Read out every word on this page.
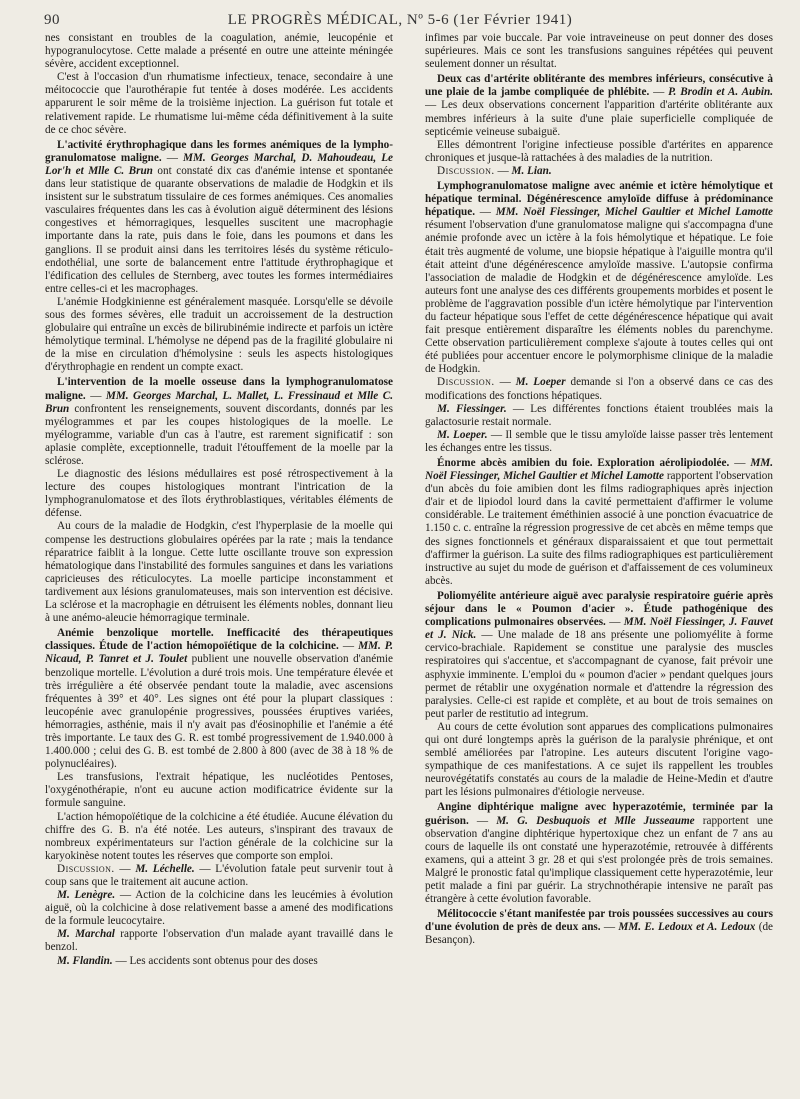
90	LE PROGRÈS MÉDICAL, Nº 5-6 (1er Février 1941)

nes consistant en troubles de la coagulation, anémie, leucopénie et hypogranulocytose. Cette malade a présenté en outre une atteinte méningée sévère, accident exceptionnel.

C'est à l'occasion d'un rhumatisme infectieux, tenace, secondaire à une méitococcie que l'aurothérapie fut tentée à doses modérée. Les accidents apparurent le soir même de la troisième injection. La guérison fut totale et relativement rapide. Le rhumatisme lui-même céda définitivement à la suite de ce choc sévère.

L'activité érythrophagique dans les formes anémiques de la lympho-granulomatose maligne. — MM. Georges Marchal, D. Mahoudeau, Le Lor'h et Mlle C. Brun ont constaté dix cas d'anémie intense et spontanée dans leur statistique de quarante observations de maladie de Hodgkin et ils insistent sur le substratum tissulaire de ces formes anémiques. Ces anomalies vasculaires fréquentes dans les cas à évolution aiguë déterminent des lésions congestives et hémorragiques, lesquelles suscitent une macrophagie importante dans la rate, puis dans le foie, dans les poumons et dans les ganglions. Il se produit ainsi dans les territoires lésés du système réticulo-endothélial, une sorte de balancement entre l'attitude érythrophagique et l'édification des cellules de Sternberg, avec toutes les formes intermédiaires entre celles-ci et les macrophages.

L'anémie Hodgkinienne est généralement masquée. Lorsqu'elle se dévoile sous des formes sévères, elle traduit un accroissement de la destruction globulaire qui entraîne un excès de bilirubinémie indirecte et parfois un ictère hémolytique terminal. L'hémolyse ne dépend pas de la fragilité globulaire ni de la mise en circulation d'hémolysine : seuls les aspects histologiques d'érythrophagie en rendent un compte exact.

L'intervention de la moelle osseuse dans la lymphogranulomatose maligne. — MM. Georges Marchal, L. Mallet, L. Fressinaud et Mlle C. Brun confrontent les renseignements, souvent discordants, donnés par les myélogrammes et par les coupes histologiques de la moelle. Le myélogramme, variable d'un cas à l'autre, est rarement significatif : son aplasie complète, exceptionnelle, traduit l'étouffement de la moelle par la sclérose.

Le diagnostic des lésions médullaires est posé rétrospectivement à la lecture des coupes histologiques montrant l'intrication de la lymphogranulomatose et des îlots érythroblastiques, véritables éléments de défense.

Au cours de la maladie de Hodgkin, c'est l'hyperplasie de la moelle qui compense les destructions globulaires opérées par la rate ; mais la tendance réparatrice faiblit à la longue. Cette lutte oscillante trouve son expression hématologique dans l'instabilité des formules sanguines et dans les variations capricieuses des réticulocytes. La moelle participe inconstamment et tardivement aux lésions granulomateuses, mais son intervention est décisive. La sclérose et la macrophagie en détruisent les éléments nobles, donnant lieu à une anémo-aleucie hémorragique terminale.

Anémie benzolique mortelle. Inefficacité des thérapeutiques classiques. Étude de l'action hémopoïétique de la colchicine. — MM. P. Nicaud, P. Tanret et J. Toulet publient une nouvelle observation d'anémie benzolique mortelle. L'évolution a duré trois mois. Une température élevée et très irrégulière a été observée pendant toute la maladie, avec ascensions fréquentes à 39° et 40°. Les signes ont été pour la plupart classiques : leucopénie avec granulopénie progressives, poussées éruptives variées, hémorragies, asthénie, mais il n'y avait pas d'éosinophilie et l'anémie a été très importante. Le taux des G. R. est tombé progressivement de 1.940.000 à 1.400.000 ; celui des G. B. est tombé de 2.800 à 800 (avec de 38 à 18 % de polynucléaires).

Les transfusions, l'extrait hépatique, les nucléotides Pentoses, l'oxygénothérapie, n'ont eu aucune action modificatrice évidente sur la formule sanguine.

L'action hémopoïétique de la colchicine a été étudiée. Aucune élévation du chiffre des G. B. n'a été notée. Les auteurs, s'inspirant des travaux de nombreux expérimentateurs sur l'action générale de la colchicine sur la karyokinèse notent toutes les réserves que comporte son emploi.

Discussion. — M. Léchelle. — L'évolution fatale peut survenir tout à coup sans que le traitement ait aucune action.

M. Lenègre. — Action de la colchicine dans les leucémies à évolution aiguë, où la colchicine à dose relativement basse a amené des modifications de la formule leucocytaire.

M. Marchal rapporte l'observation d'un malade ayant travaillé dans le benzol.

M. Flandin. — Les accidents sont obtenus pour des doses

infimes par voie buccale. Par voie intraveineuse on peut donner des doses supérieures. Mais ce sont les transfusions sanguines répétées qui peuvent seulement donner un résultat.

Deux cas d'artérite oblitérante des membres inférieurs, consécutive à une plaie de la jambe compliquée de phlébite. — P. Brodin et A. Aubin. — Les deux observations concernent l'apparition d'artérite oblitérante aux membres inférieurs à la suite d'une plaie superficielle compliquée de septicémie veineuse subaiguë.

Elles démontrent l'origine infectieuse possible d'artérites en apparence chroniques et jusque-là rattachées à des maladies de la nutrition.

Discussion. — M. Lian.

Lymphogranulomatose maligne avec anémie et ictère hémolytique et hépatique terminal. Dégénérescence amyloïde diffuse à prédominance hépatique. — MM. Noël Fiessinger, Michel Gaultier et Michel Lamotte résument l'observation d'une granulomatose maligne qui s'accompagna d'une anémie profonde avec un ictère à la fois hémolytique et hépatique. Le foie était très augmenté de volume, une biopsie hépatique à l'aiguille montra qu'il était atteint d'une dégénérescence amyloïde massive. L'autopsie confirma l'association de maladie de Hodgkin et de dégénérescence amyloïde. Les auteurs font une analyse des ces différents groupements morbides et posent le problème de l'aggravation possible d'un ictère hémolytique par l'intervention du facteur hépatique sous l'effet de cette dégénérescence hépatique qui avait fait presque entièrement disparaître les éléments nobles du parenchyme. Cette observation particulièrement complexe s'ajoute à toutes celles qui ont été publiées pour accentuer encore le polymorphisme clinique de la maladie de Hodgkin.

Discussion. — M. Loeper demande si l'on a observé dans ce cas des modifications des fonctions hépatiques.

M. Fiessinger. — Les différentes fonctions étaient troublées mais la galactosurie restait normale.

M. Loeper. — Il semble que le tissu amyloïde laisse passer très lentement les échanges entre les tissus.

Énorme abcès amibien du foie. Exploration aérolipiodolée. — MM. Noël Fiessinger, Michel Gaultier et Michel Lamotte rapportent l'observation d'un abcès du foie amibien dont les films radiographiques après injection d'air et de lipiodol lourd dans la cavité permettaient d'affirmer le volume considérable. Le traitement éméthinien associé à une ponction évacuatrice de 1.150 c. c. entraîne la régression progressive de cet abcès en même temps que des signes fonctionnels et généraux disparaissaient et que tout permettait d'affirmer la guérison. La suite des films radiographiques est particulièrement instructive au sujet du mode de guérison et d'affaissement de ces volumineux abcès.

Poliomyélite antérieure aiguë avec paralysie respiratoire guérie après séjour dans le « Poumon d'acier ». Étude pathogénique des complications pulmonaires observées. — MM. Noël Fiessinger, J. Fauvet et J. Nick. — Une malade de 18 ans présente une poliomyélite à forme cervico-brachiale. Rapidement se constitue une paralysie des muscles respiratoires qui s'accentue, et s'accompagnant de cyanose, fait prévoir une asphyxie imminente. L'emploi du « poumon d'acier » pendant quelques jours permet de rétablir une oxygénation normale et d'attendre la régression des paralysies. Celle-ci est rapide et complète, et au bout de trois semaines on peut parler de restitutio ad integrum.

Au cours de cette évolution sont apparues des complications pulmonaires qui ont duré longtemps après la guérison de la paralysie phrénique, et ont semblé améliorées par l'atropine. Les auteurs discutent l'origine vago-sympathique de ces manifestations. A ce sujet ils rappellent les troubles neurovégétatifs constatés au cours de la maladie de Heine-Medin et d'autre part les lésions pulmonaires d'étiologie nerveuse.

Angine diphtérique maligne avec hyperazotémie, terminée par la guérison. — M. G. Desbuquois et Mlle Jusseaume rapportent une observation d'angine diphtérique hypertoxique chez un enfant de 7 ans au cours de laquelle ils ont constaté une hyperazotémie, retrouvée à différents examens, qui a atteint 3 gr. 28 et qui s'est prolongée près de trois semaines. Malgré le pronostic fatal qu'implique classiquement cette hyperazotémie, leur petit malade a fini par guérir. La strychnothérapie intensive ne paraît pas étrangère à cette évolution favorable.

Mélitococcie s'étant manifestée par trois poussées successives au cours d'une évolution de près de deux ans. — MM. E. Ledoux et A. Ledoux (de Besançon).
